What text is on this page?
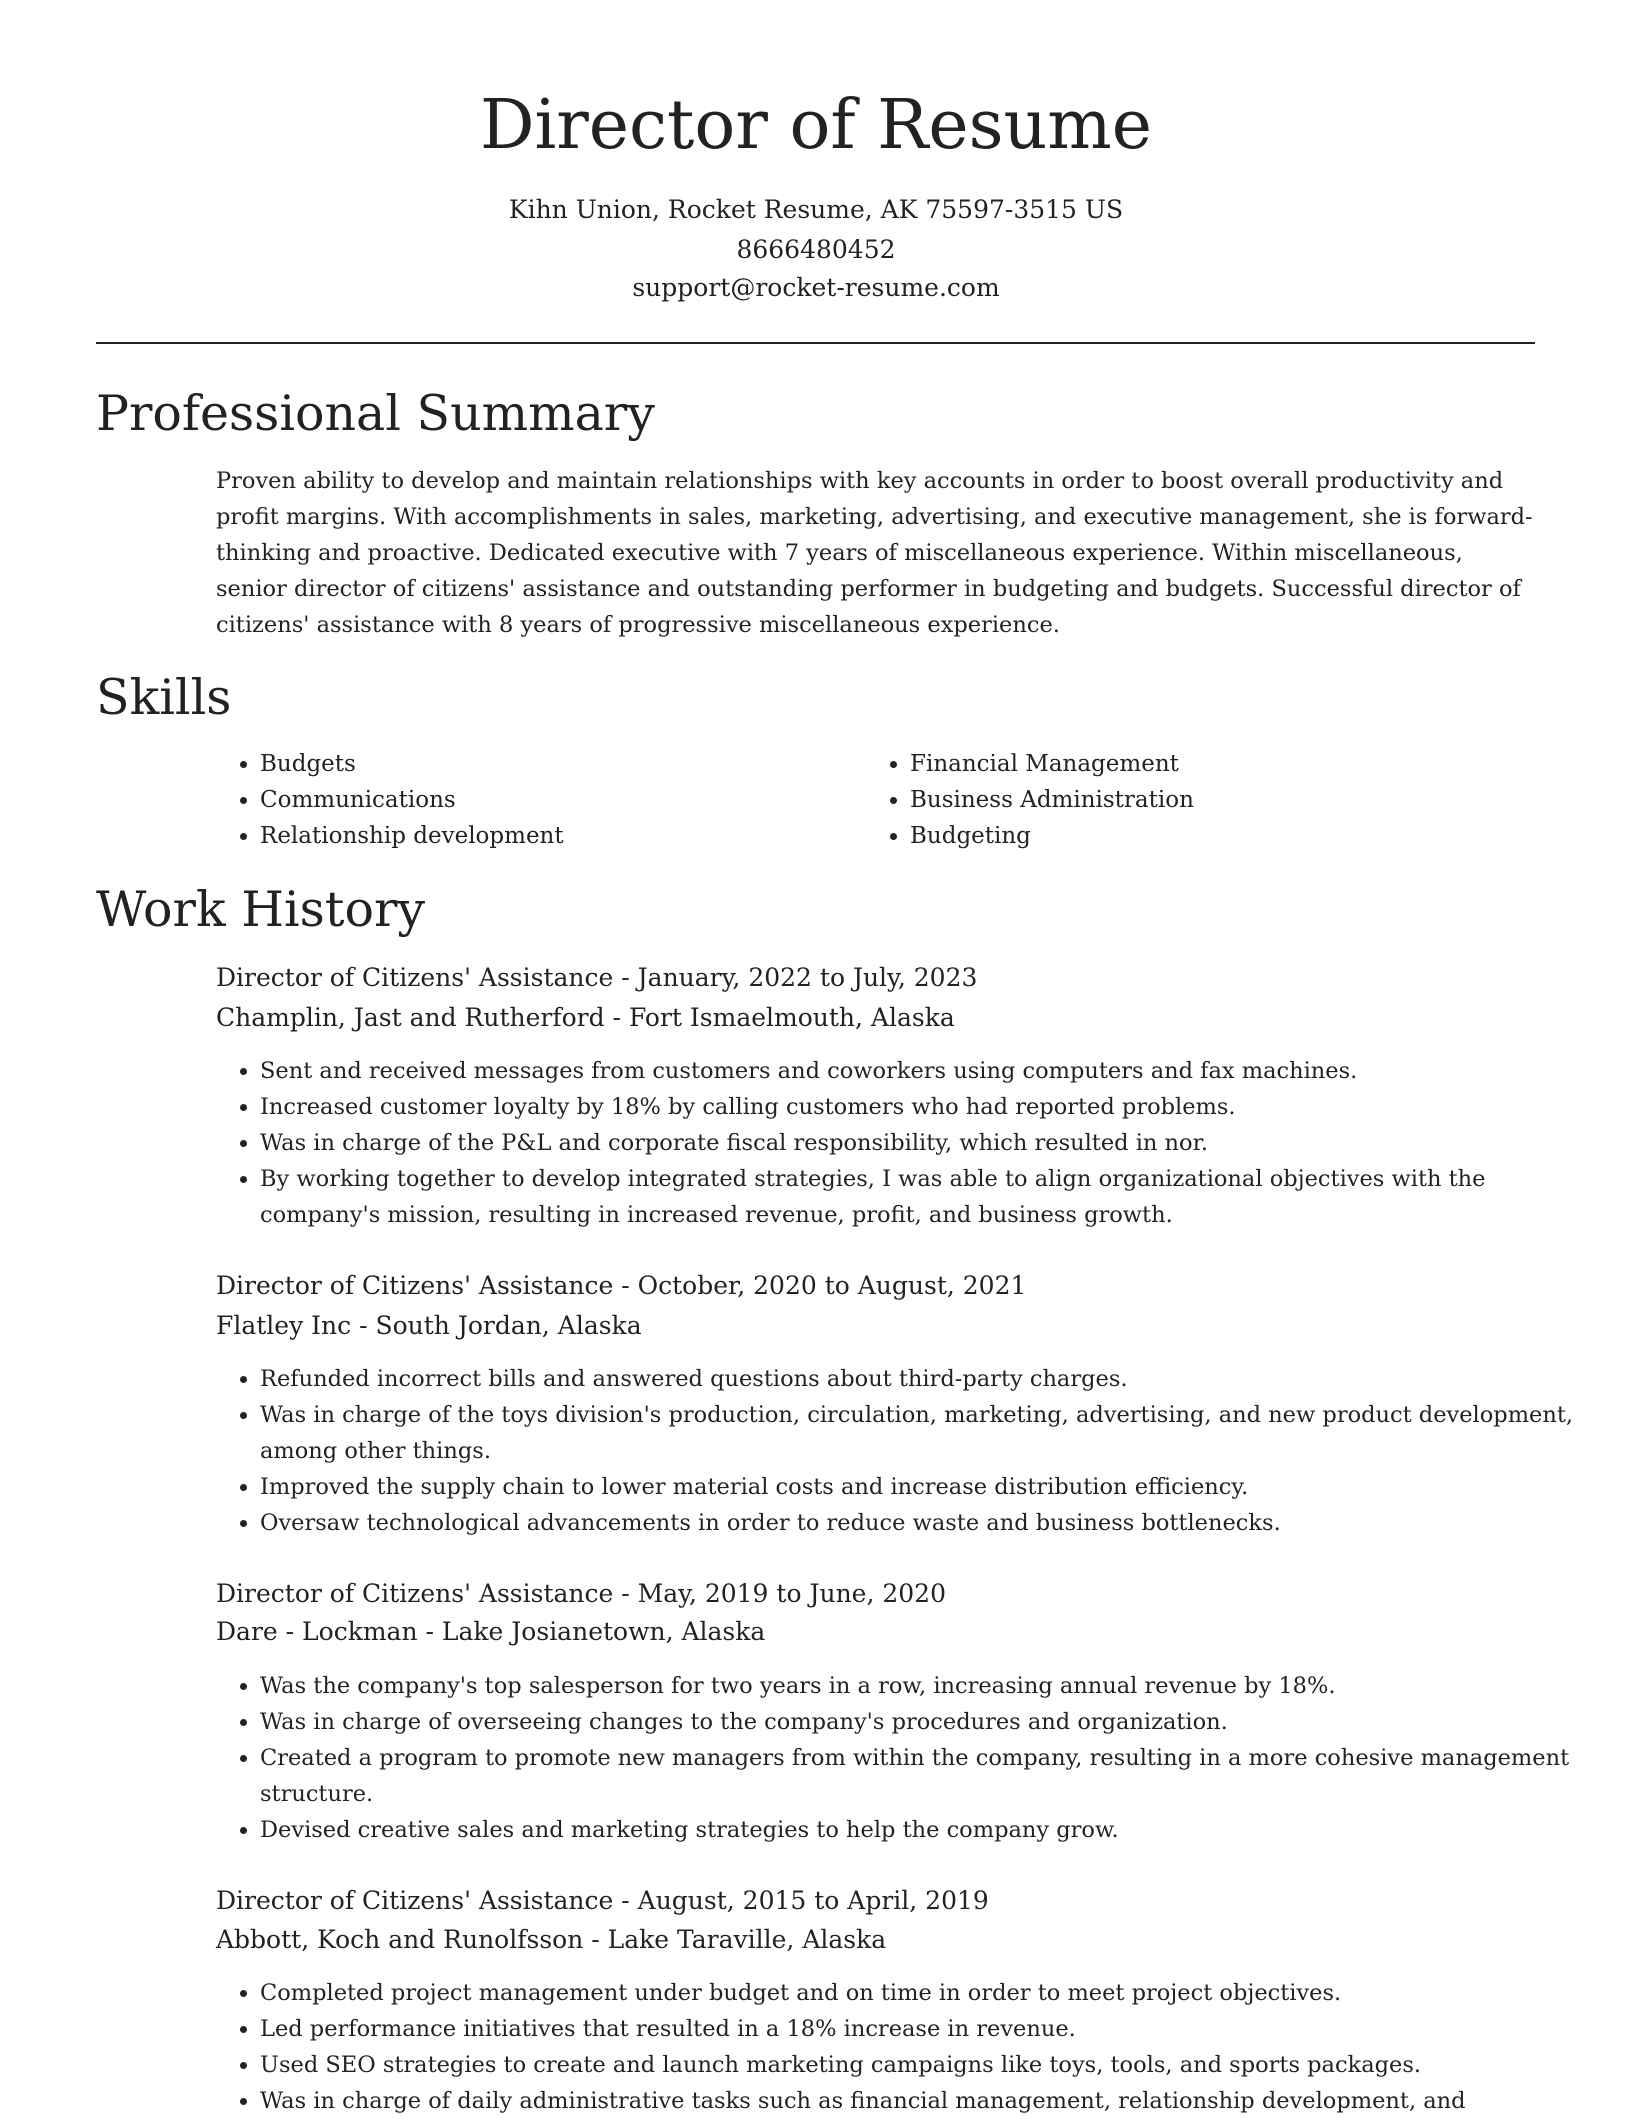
Director of Resume
Kihn Union, Rocket Resume, AK 75597-3515 US
8666480452
support@rocket-resume.com
Professional Summary

Proven ability to develop and maintain relationships with key accounts in order to boost overall productivity and profit margins. With accomplishments in sales, marketing, advertising, and executive management, she is forward-thinking and proactive. Dedicated executive with 7 years of miscellaneous experience. Within miscellaneous, senior director of citizens' assistance and outstanding performer in budgeting and budgets. Successful director of citizens' assistance with 8 years of progressive miscellaneous experience.

Skills
• Budgets
• Communications
• Relationship development
• Financial Management
• Business Administration
• Budgeting
Work History
Director of Citizens' Assistance - January, 2022 to July, 2023
Champlin, Jast and Rutherford - Fort Ismaelmouth, Alaska
• Sent and received messages from customers and coworkers using computers and fax machines.
• Increased customer loyalty by 18% by calling customers who had reported problems.
• Was in charge of the P&L and corporate fiscal responsibility, which resulted in nor.
• By working together to develop integrated strategies, I was able to align organizational objectives with the company's mission, resulting in increased revenue, profit, and business growth.
Director of Citizens' Assistance - October, 2020 to August, 2021
Flatley Inc - South Jordan, Alaska
• Refunded incorrect bills and answered questions about third-party charges.
• Was in charge of the toys division's production, circulation, marketing, advertising, and new product development, among other things.
• Improved the supply chain to lower material costs and increase distribution efficiency.
• Oversaw technological advancements in order to reduce waste and business bottlenecks.
Director of Citizens' Assistance - May, 2019 to June, 2020
Dare - Lockman - Lake Josianetown, Alaska
• Was the company's top salesperson for two years in a row, increasing annual revenue by 18%.
• Was in charge of overseeing changes to the company's procedures and organization.
• Created a program to promote new managers from within the company, resulting in a more cohesive management structure.
• Devised creative sales and marketing strategies to help the company grow.
Director of Citizens' Assistance - August, 2015 to April, 2019
Abbott, Koch and Runolfsson - Lake Taraville, Alaska
• Completed project management under budget and on time in order to meet project objectives.
• Led performance initiatives that resulted in a 18% increase in revenue.
• Used SEO strategies to create and launch marketing campaigns like toys, tools, and sports packages.
• Was in charge of daily administrative tasks such as financial management, relationship development, and
